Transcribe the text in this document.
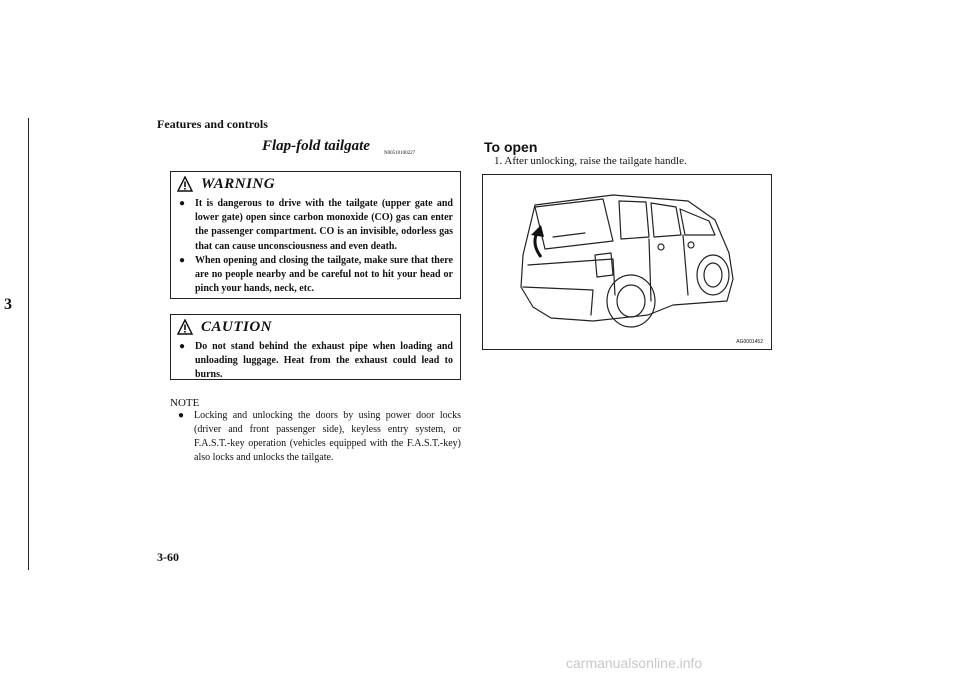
Features and controls
3
3-60
Flap-fold tailgate	N00510100227
WARNING
● It is dangerous to drive with the tailgate (upper gate and lower gate) open since carbon monoxide (CO) gas can enter the passenger compartment. CO is an invisible, odorless gas that can cause unconsciousness and even death.
● When opening and closing the tailgate, make sure that there are no people nearby and be careful not to hit your head or pinch your hands, neck, etc.
CAUTION
● Do not stand behind the exhaust pipe when loading and unloading luggage. Heat from the exhaust could lead to burns.
NOTE
● Locking and unlocking the doors by using power door locks (driver and front passenger side), keyless entry system, or F.A.S.T.-key operation (vehicles equipped with the F.A.S.T.-key) also locks and unlocks the tailgate.
To open
1. After unlocking, raise the tailgate handle.
AG0001452
carmanualsonline.info
